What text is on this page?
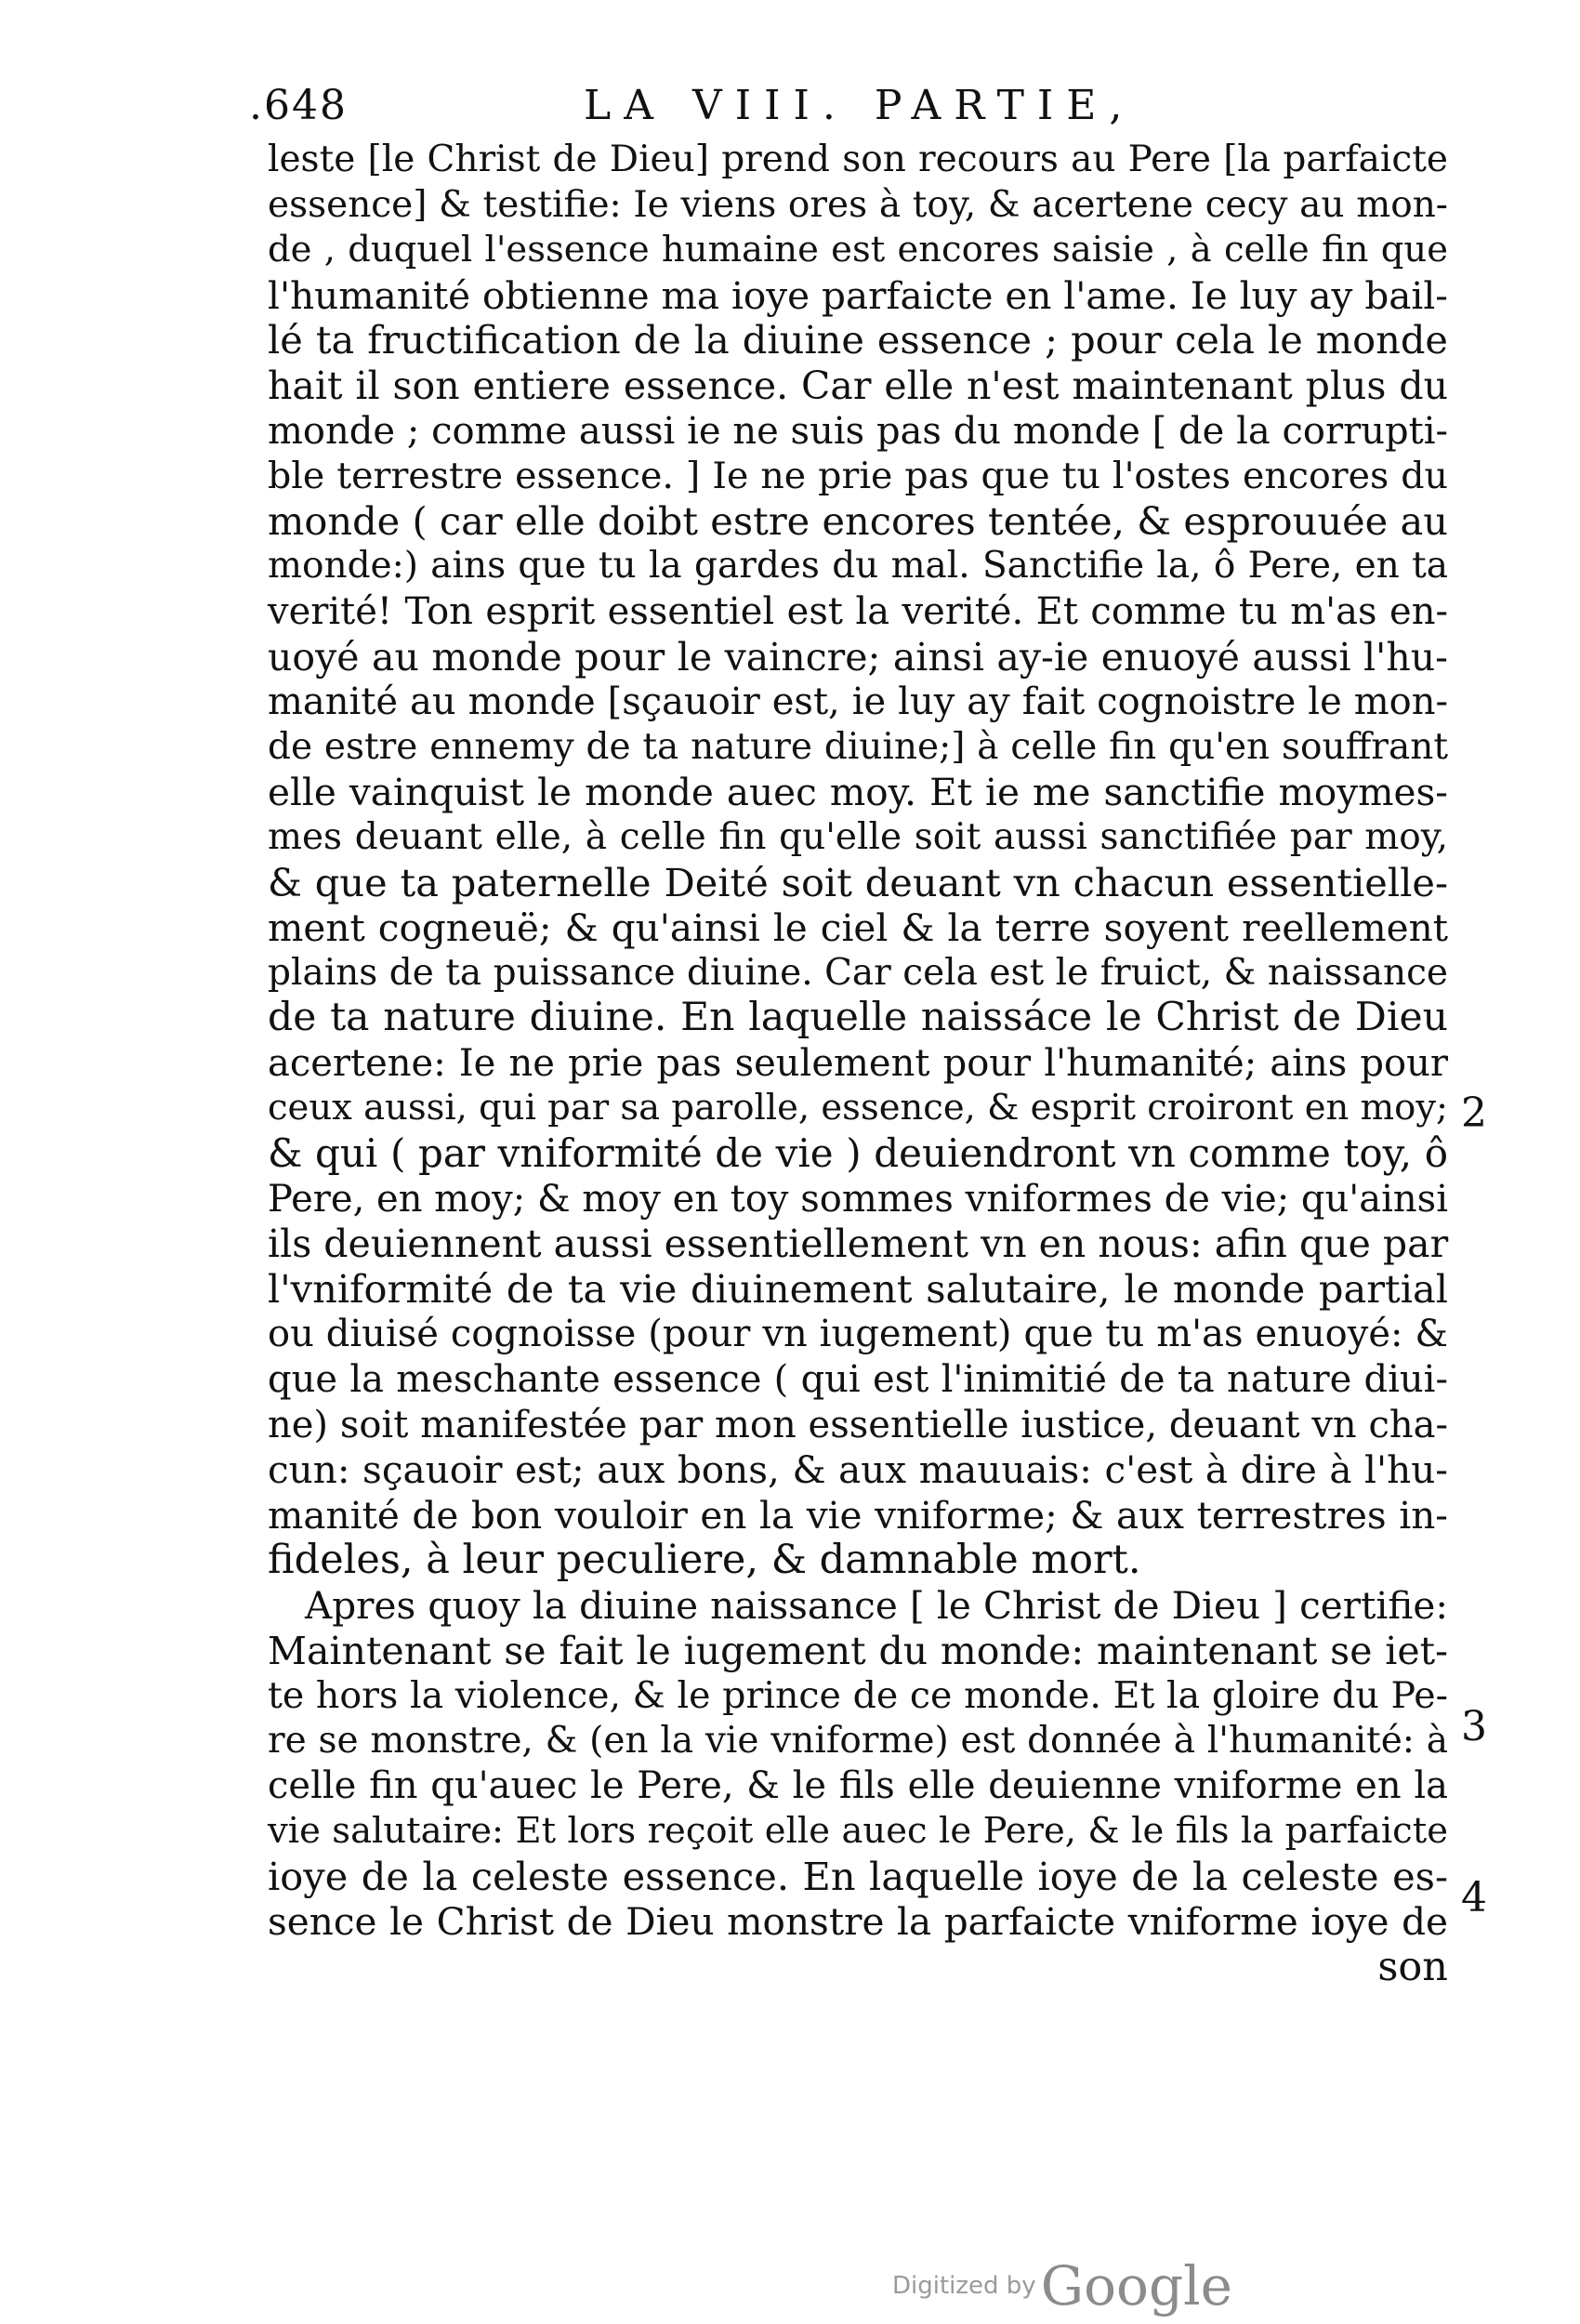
.648	LA VIII. PARTIE,
leste [le Christ de Dieu] prend son recours au Pere [la parfaicte
essence] & testifie: Ie viens ores à toy, & acertene cecy au mon-
de , duquel l'essence humaine est encores saisie , à celle fin que
l'humanité obtienne ma ioye parfaicte en l'ame. Ie luy ay bail-
lé ta fructification de la diuine essence ; pour cela le monde
hait il son entiere essence. Car elle n'est maintenant plus du
monde ; comme aussi ie ne suis pas du monde [ de la corrupti-
ble terrestre essence. ] Ie ne prie pas que tu l'ostes encores du
monde ( car elle doibt estre encores tentée, & esprouuée au
monde:) ains que tu la gardes du mal. Sanctifie la, ô Pere, en ta
verité! Ton esprit essentiel est la verité. Et comme tu m'as en-
uoyé au monde pour le vaincre; ainsi ay-ie enuoyé aussi l'hu-
manité au monde [sçauoir est, ie luy ay fait cognoistre le mon-
de estre ennemy de ta nature diuine;] à celle fin qu'en souffrant
elle vainquist le monde auec moy. Et ie me sanctifie moymes-
mes deuant elle, à celle fin qu'elle soit aussi sanctifiée par moy,
& que ta paternelle Deité soit deuant vn chacun essentielle-
ment cogneuë; & qu'ainsi le ciel & la terre soyent reellement
plains de ta puissance diuine. Car cela est le fruict, & naissance
de ta nature diuine. En laquelle naissáce le Christ de Dieu
acertene: Ie ne prie pas seulement pour l'humanité; ains pour
ceux aussi, qui par sa parolle, essence, & esprit croiront en moy;
& qui ( par vniformité de vie ) deuiendront vn comme toy, ô
Pere, en moy; & moy en toy sommes vniformes de vie; qu'ainsi
ils deuiennent aussi essentiellement vn en nous: afin que par
l'vniformité de ta vie diuinement salutaire, le monde partial
ou diuisé cognoisse (pour vn iugement) que tu m'as enuoyé: &
que la meschante essence ( qui est l'inimitié de ta nature diui-
ne) soit manifestée par mon essentielle iustice, deuant vn cha-
cun: sçauoir est; aux bons, & aux mauuais: c'est à dire à l'hu-
manité de bon vouloir en la vie vniforme; & aux terrestres in-
fideles, à leur peculiere, & damnable mort.
Apres quoy la diuine naissance [ le Christ de Dieu ] certifie:
Maintenant se fait le iugement du monde: maintenant se iet-
te hors la violence, & le prince de ce monde. Et la gloire du Pe-
re se monstre, & (en la vie vniforme) est donnée à l'humanité: à
celle fin qu'auec le Pere, & le fils elle deuienne vniforme en la
vie salutaire: Et lors reçoit elle auec le Pere, & le fils la parfaicte
ioye de la celeste essence. En laquelle ioye de la celeste es-
sence le Christ de Dieu monstre la parfaicte vniforme ioye de
son
2
3
4
Digitized by Google
